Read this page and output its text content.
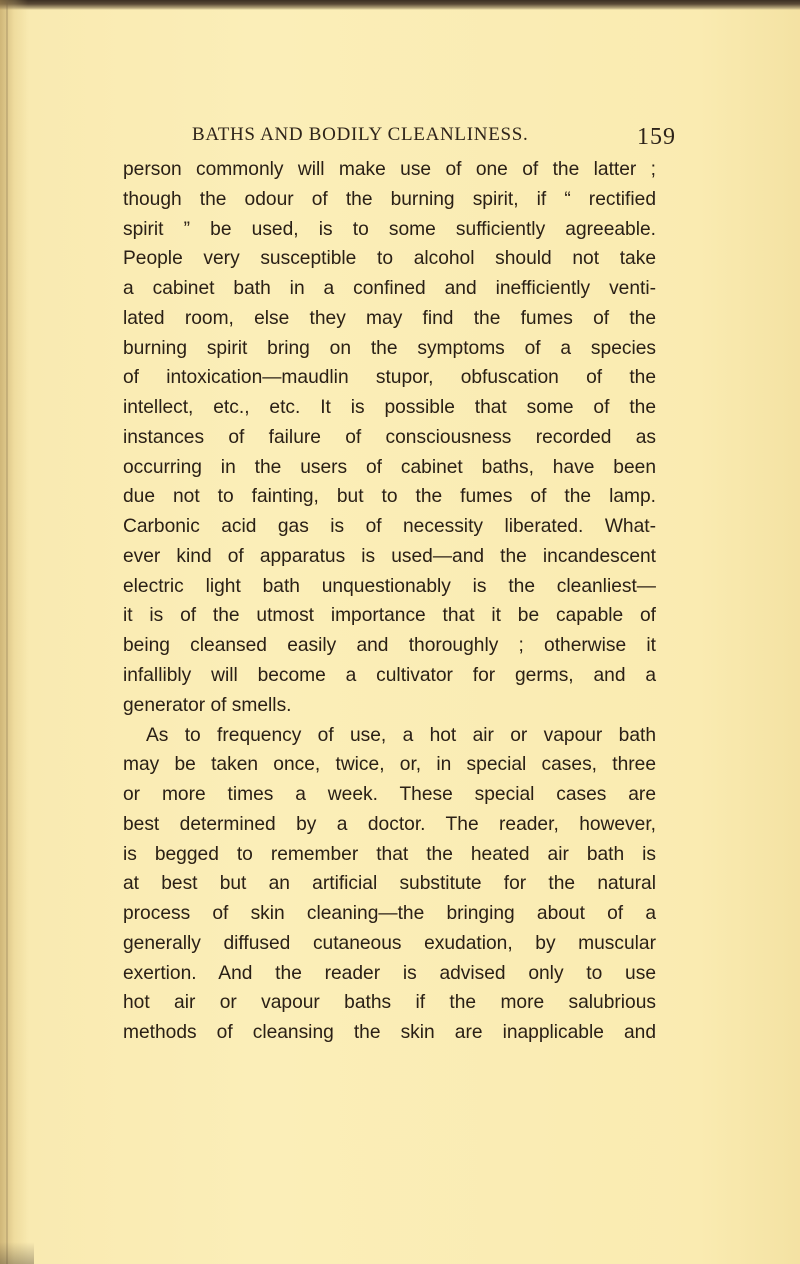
BATHS AND BODILY CLEANLINESS.	159
person commonly will make use of one of the latter ;
though the odour of the burning spirit, if “ rectified
spirit ” be used, is to some sufficiently agreeable.
People very susceptible to alcohol should not take
a cabinet bath in a confined and inefficiently venti-
lated room, else they may find the fumes of the
burning spirit bring on the symptoms of a species
of intoxication—maudlin stupor, obfuscation of the
intellect, etc., etc. It is possible that some of the
instances of failure of consciousness recorded as
occurring in the users of cabinet baths, have been
due not to fainting, but to the fumes of the lamp.
Carbonic acid gas is of necessity liberated. What-
ever kind of apparatus is used—and the incandescent
electric light bath unquestionably is the cleanliest—
it is of the utmost importance that it be capable of
being cleansed easily and thoroughly ; otherwise it
infallibly will become a cultivator for germs, and a
generator of smells.
As to frequency of use, a hot air or vapour bath
may be taken once, twice, or, in special cases, three
or more times a week. These special cases are
best determined by a doctor. The reader, however,
is begged to remember that the heated air bath is
at best but an artificial substitute for the natural
process of skin cleaning—the bringing about of a
generally diffused cutaneous exudation, by muscular
exertion. And the reader is advised only to use
hot air or vapour baths if the more salubrious
methods of cleansing the skin are inapplicable and
